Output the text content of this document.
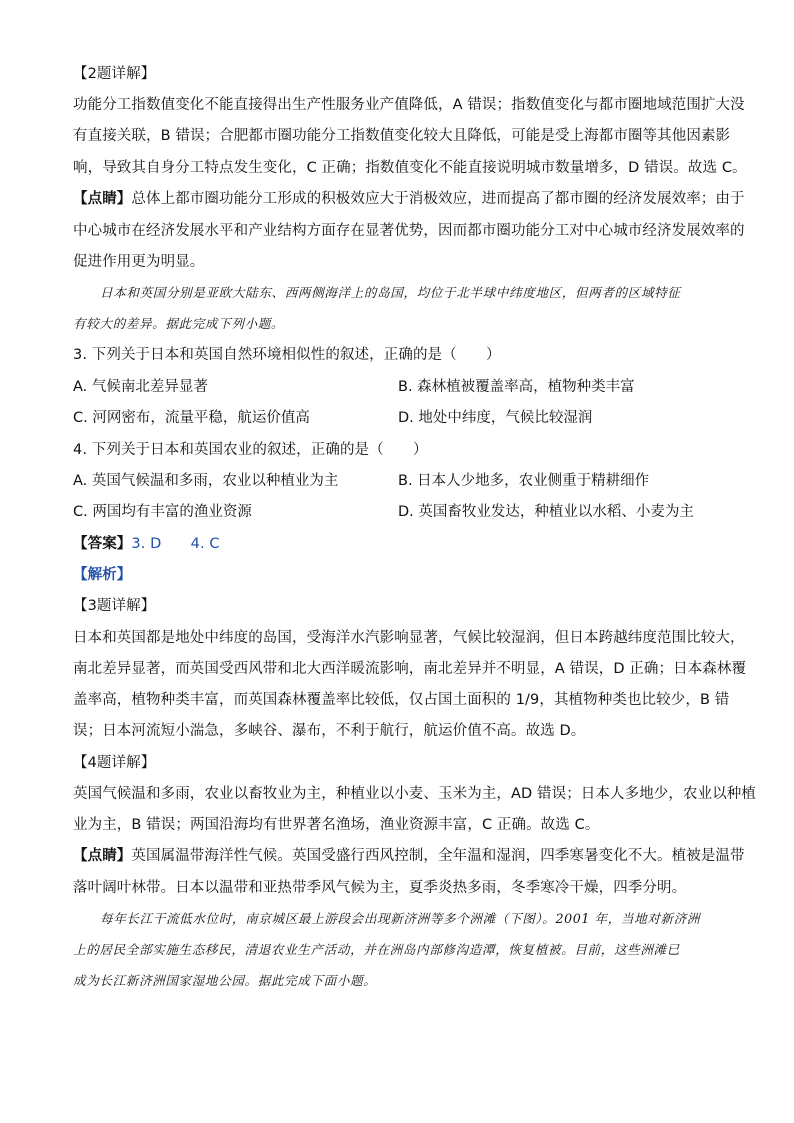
【2题详解】
功能分工指数值变化不能直接得出生产性服务业产值降低，A 错误；指数值变化与都市圈地域范围扩大没
有直接关联，B 错误；合肥都市圈功能分工指数值变化较大且降低，可能是受上海都市圈等其他因素影
响，导致其自身分工特点发生变化，C 正确；指数值变化不能直接说明城市数量增多，D 错误。故选 C。
【点睛】总体上都市圈功能分工形成的积极效应大于消极效应，进而提高了都市圈的经济发展效率；由于
中心城市在经济发展水平和产业结构方面存在显著优势，因而都市圈功能分工对中心城市经济发展效率的
促进作用更为明显。
日本和英国分别是亚欧大陆东、西两侧海洋上的岛国，均位于北半球中纬度地区，但两者的区域特征
有较大的差异。据此完成下列小题。
3. 下列关于日本和英国自然环境相似性的叙述，正确的是（　　）
A. 气候南北差异显著	B. 森林植被覆盖率高，植物种类丰富
C. 河网密布，流量平稳，航运价值高	D. 地处中纬度，气候比较湿润
4. 下列关于日本和英国农业的叙述，正确的是（　　）
A. 英国气候温和多雨，农业以种植业为主	B. 日本人少地多，农业侧重于精耕细作
C. 两国均有丰富的渔业资源	D. 英国畜牧业发达，种植业以水稻、小麦为主
【答案】3. D　　4. C
【解析】
【3题详解】
日本和英国都是地处中纬度的岛国，受海洋水汽影响显著，气候比较湿润，但日本跨越纬度范围比较大，
南北差异显著，而英国受西风带和北大西洋暖流影响，南北差异并不明显，A 错误，D 正确；日本森林覆
盖率高，植物种类丰富，而英国森林覆盖率比较低，仅占国土面积的 1/9，其植物种类也比较少，B 错
误；日本河流短小湍急，多峡谷、瀑布，不利于航行，航运价值不高。故选 D。
【4题详解】
英国气候温和多雨，农业以畜牧业为主，种植业以小麦、玉米为主，AD 错误；日本人多地少，农业以种植
业为主，B 错误；两国沿海均有世界著名渔场，渔业资源丰富，C 正确。故选 C。
【点睛】英国属温带海洋性气候。英国受盛行西风控制，全年温和湿润，四季寒暑变化不大。植被是温带
落叶阔叶林带。日本以温带和亚热带季风气候为主，夏季炎热多雨，冬季寒冷干燥，四季分明。
每年长江干流低水位时，南京城区最上游段会出现新济洲等多个洲滩（下图）。2001 年，当地对新济洲
上的居民全部实施生态移民，清退农业生产活动，并在洲岛内部修沟造潭，恢复植被。目前，这些洲滩已
成为长江新济洲国家湿地公园。据此完成下面小题。
